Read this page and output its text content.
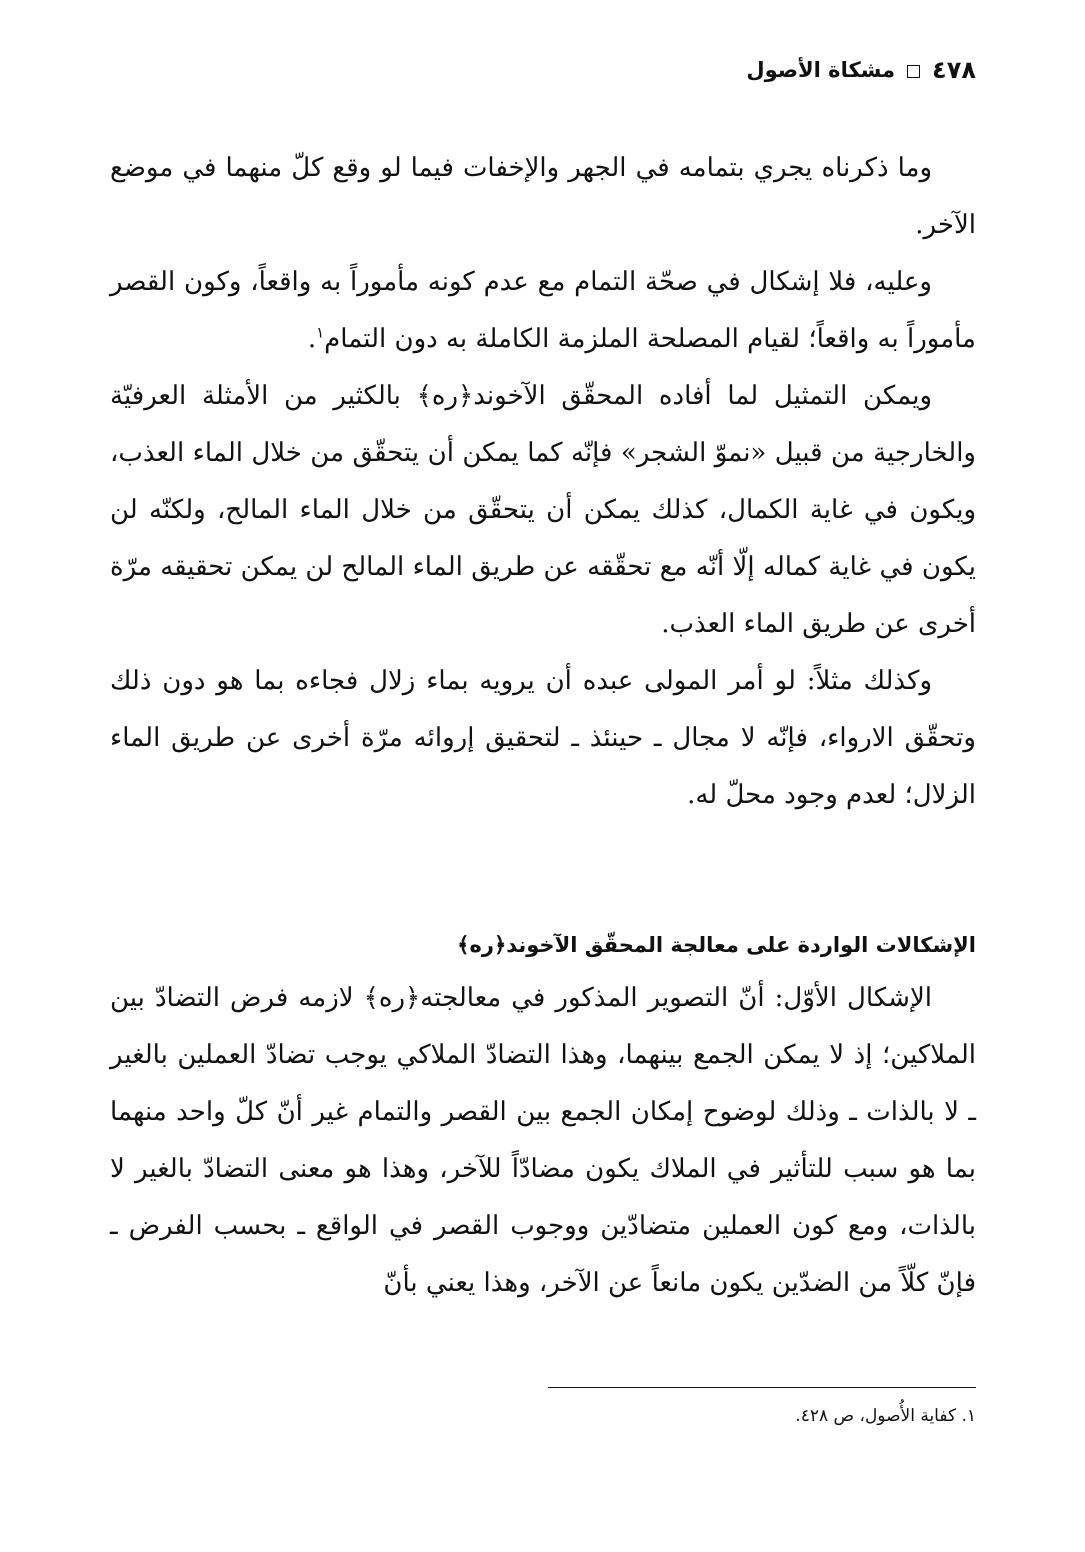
٤٧٨
مشكاة الأصول

وما ذكرناه يجري بتمامه في الجهر والإخفات فيما لو وقع كلّ منهما في موضع الآخر.

وعليه، فلا إشكال في صحّة التمام مع عدم كونه مأموراً به واقعاً، وكون القصر مأموراً به واقعاً؛ لقيام المصلحة الملزمة الكاملة به دون التمام$^١$.

ويمكن التمثيل لما أفاده المحقّق الآخوند﴿ره﴾ بالكثير من الأمثلة العرفيّة والخارجية من قبيل «نموّ الشجر» فإنّه كما يمكن أن يتحقّق من خلال الماء العذب، ويكون في غاية الكمال، كذلك يمكن أن يتحقّق من خلال الماء المالح، ولكنّه لن يكون في غاية كماله إلّا أنّه مع تحقّقه عن طريق الماء المالح لن يمكن تحقيقه مرّة أخرى عن طريق الماء العذب.

وكذلك مثلاً: لو أمر المولى عبده أن يرويه بماء زلال فجاءه بما هو دون ذلك وتحقّق الارواء، فإنّه لا مجال ـ حينئذ ـ لتحقيق إروائه مرّة أخرى عن طريق الماء الزلال؛ لعدم وجود محلّ له.

الإشكالات الواردة على معالجة المحقّق الآخوند﴿ره﴾

الإشكال الأوّل: أنّ التصوير المذكور في معالجته﴿ره﴾ لازمه فرض التضادّ بين الملاكين؛ إذ لا يمكن الجمع بينهما، وهذا التضادّ الملاكي يوجب تضادّ العملين بالغير ـ لا بالذات ـ وذلك لوضوح إمكان الجمع بين القصر والتمام غير أنّ كلّ واحد منهما بما هو سبب للتأثير في الملاك يكون مضادّاً للآخر، وهذا هو معنى التضادّ بالغير لا بالذات، ومع كون العملين متضادّين ووجوب القصر في الواقع ـ بحسب الفرض ـ فإنّ كلّاً من الضدّين يكون مانعاً عن الآخر، وهذا يعني بأنّ

١. كفاية الأُصول، ص ٤٢٨.
